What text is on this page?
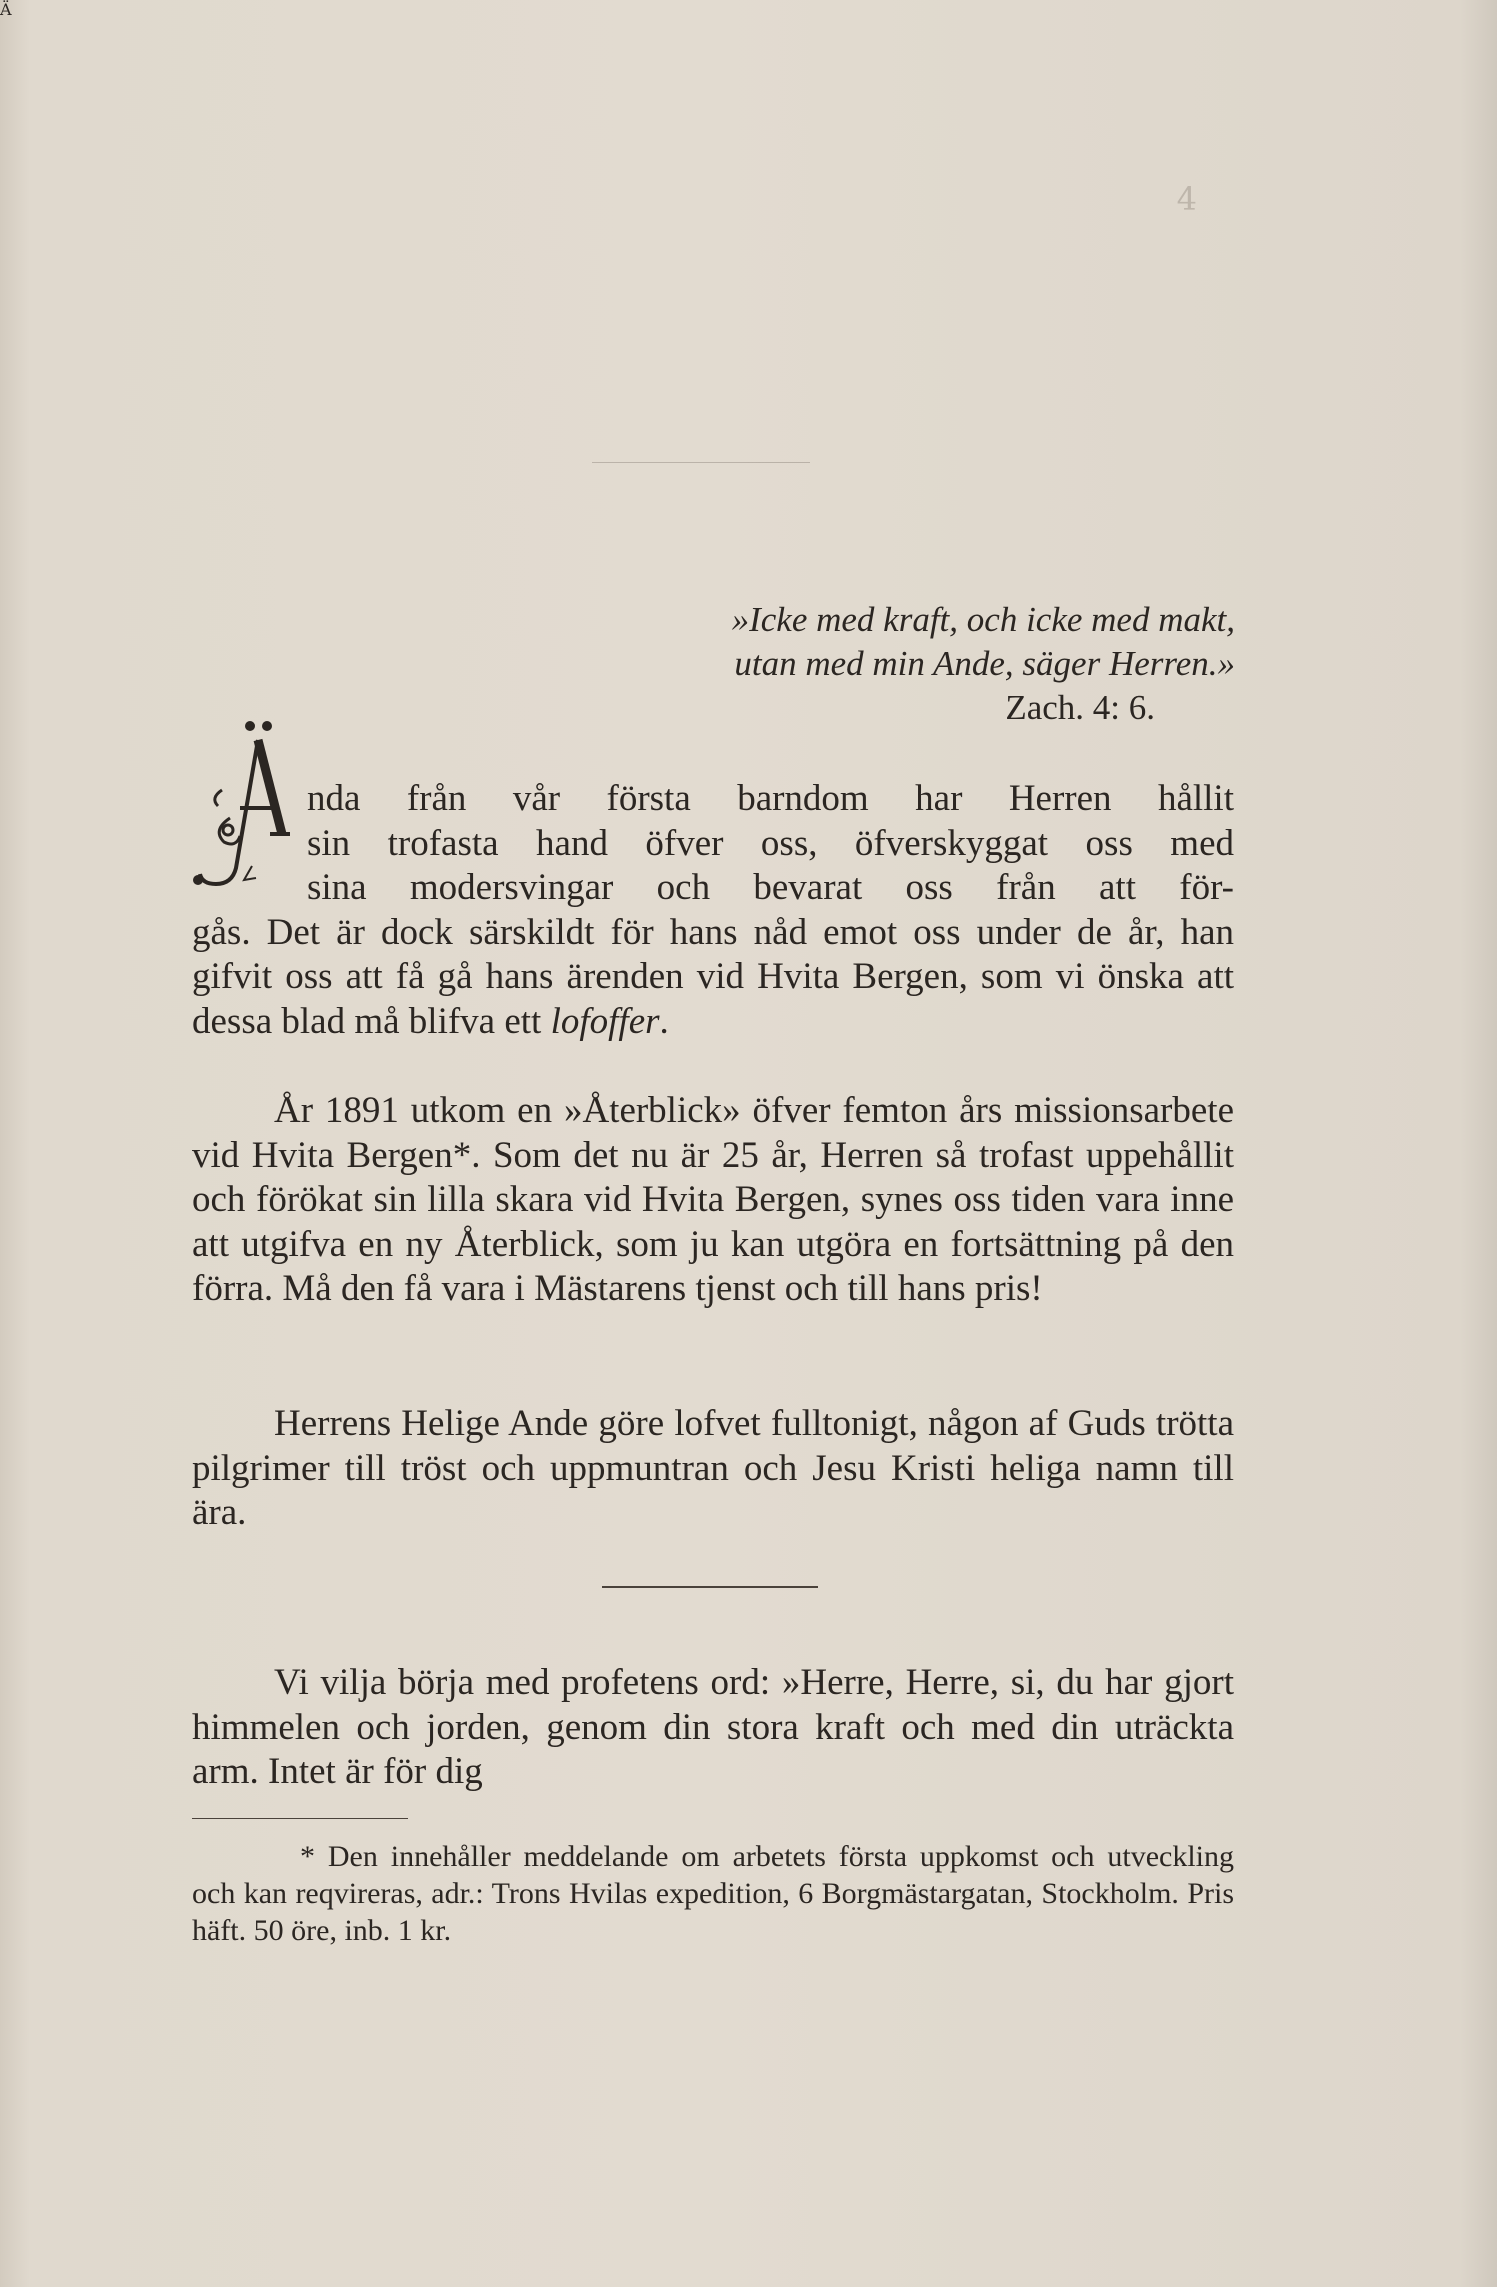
4
»Icke med kraft, och icke med makt,
utan med min Ande, säger Herren.»
Zach. 4: 6.
Ä
nda från vår första barndom har Herren hållit
sin trofasta hand öfver oss, öfverskyggat oss med
sina modersvingar och bevarat oss från att för-

gås. Det är dock särskildt för hans nåd emot oss under de år, han gifvit oss att få gå hans ärenden vid Hvita Bergen, som vi önska att dessa blad må blifva ett lofoffer.

År 1891 utkom en »Återblick» öfver femton års missionsarbete vid Hvita Bergen*. Som det nu är 25 år, Herren så trofast uppehållit och förökat sin lilla skara vid Hvita Bergen, synes oss tiden vara inne att utgifva en ny Återblick, som ju kan utgöra en fortsättning på den förra. Må den få vara i Mästarens tjenst och till hans pris!

Herrens Helige Ande göre lofvet fulltonigt, någon af Guds trötta pilgrimer till tröst och uppmuntran och Jesu Kristi heliga namn till ära.

Vi vilja börja med profetens ord: »Herre, Herre, si, du har gjort himmelen och jorden, genom din stora kraft och med din uträckta arm. Intet är för dig

* Den innehåller meddelande om arbetets första uppkomst och utveckling och kan reqvireras, adr.: Trons Hvilas expedition, 6 Borgmästargatan, Stockholm. Pris häft. 50 öre, inb. 1 kr.
